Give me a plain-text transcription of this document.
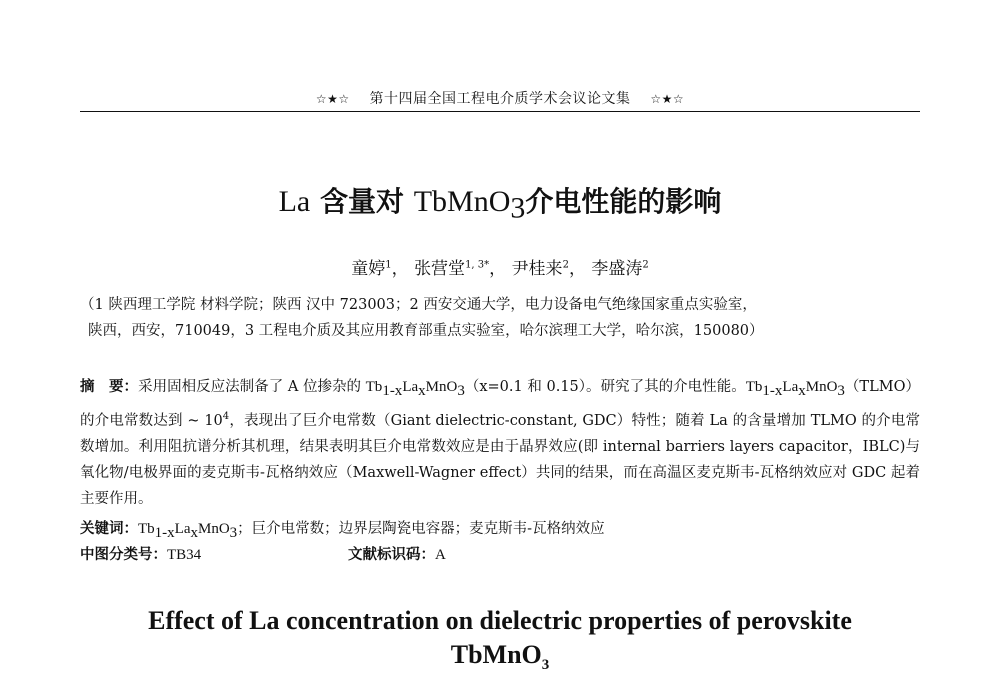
☆★☆ 第十四届全国工程电介质学术会议论文集 ☆★☆
La 含量对 TbMnO$_3$介电性能的影响
童婷$^1$， 张营堂$^{1, 3*}$， 尹桂来$^2$， 李盛涛$^2$
（1 陕西理工学院 材料学院；陕西 汉中 723003；2 西安交通大学，电力设备电气绝缘国家重点实验室，
陕西，西安，710049，3 工程电介质及其应用教育部重点实验室，哈尔滨理工大学，哈尔滨，150080）
摘　要：采用固相反应法制备了 A 位掺杂的 $Tb_{1-x}La_xMnO_3(x=0.1$ 和 0.15）。研究了其的介电性能。$Tb_{1-x}La_xMnO_3(TLMO)$的介电常数达到 ~ $10^4$，表现出了巨介电常数（Giant dielectric-constant, GDC）特性；随着 La 的含量增加 TLMO 的介电常数增加。利用阻抗谱分析其机理，结果表明其巨介电常数效应是由于晶界效应(即 internal barriers layers capacitor，IBLC)与氧化物/电极界面的麦克斯韦-瓦格纳效应（Maxwell-Wagner effect）共同的结果，而在高温区麦克斯韦-瓦格纳效应对 GDC 起着主要作用。
关键词：$Tb_{1-x}La_xMnO_3$；巨介电常数；边界层陶瓷电容器；麦克斯韦-瓦格纳效应
中图分类号：TB34	文献标识码：A
Effect of La concentration on dielectric properties of perovskite
TbMnO$_3$
